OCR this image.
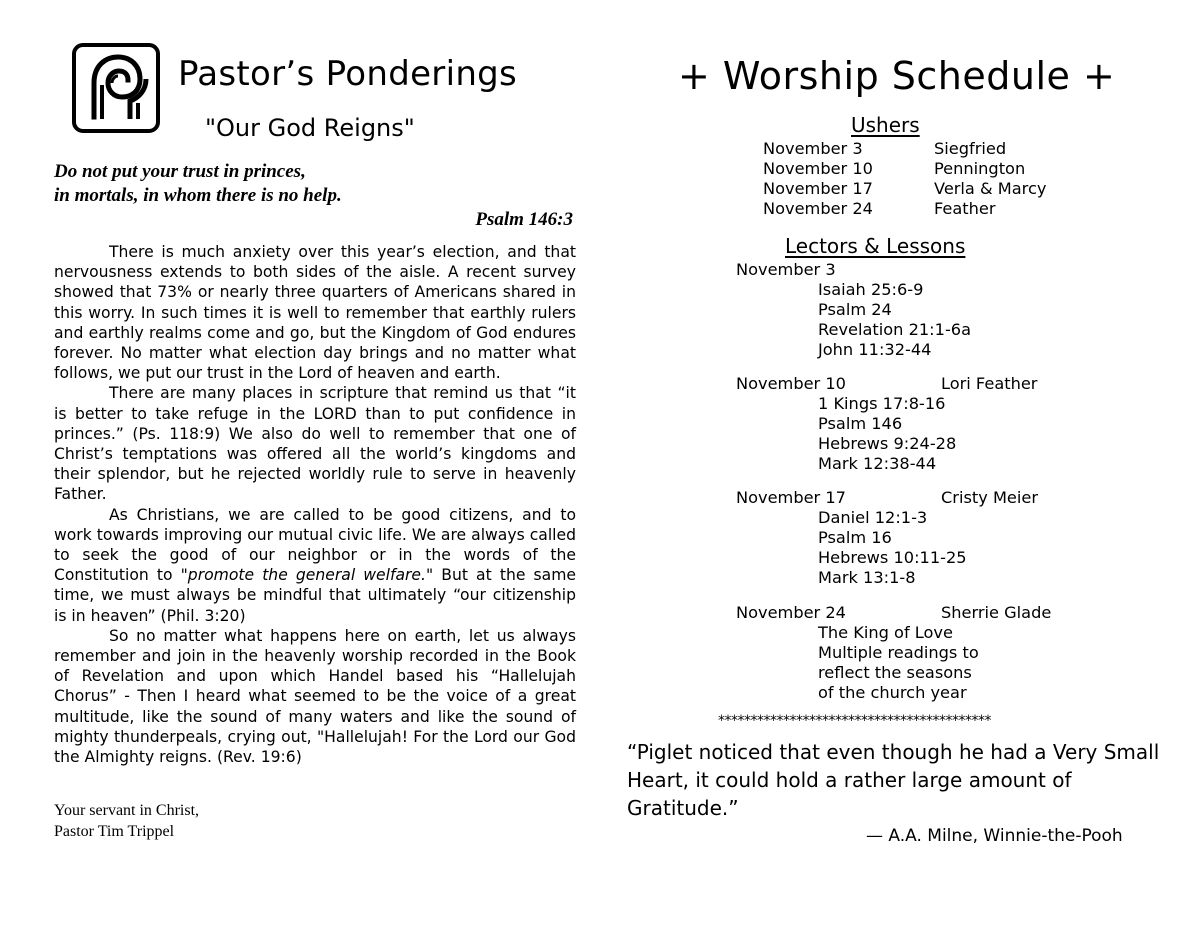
Pastor’s Ponderings
"Our God Reigns"
Do not put your trust in princes,
in mortals, in whom there is no help.
Psalm 146:3

There is much anxiety over this year’s election, and that nervousness extends to both sides of the aisle. A recent survey showed that 73% or nearly three quarters of Americans shared in this worry. In such times it is well to remember that earthly rulers and earthly realms come and go, but the Kingdom of God endures forever. No matter what election day brings and no matter what follows, we put our trust in the Lord of heaven and earth.

There are many places in scripture that remind us that “it is better to take refuge in the LORD than to put confidence in princes.” (Ps. 118:9) We also do well to remember that one of Christ’s temptations was offered all the world’s kingdoms and their splendor, but he rejected worldly rule to serve in heavenly Father.

As Christians, we are called to be good citizens, and to work towards improving our mutual civic life. We are always called to seek the good of our neighbor or in the words of the Constitution to "promote the general welfare." But at the same time, we must always be mindful that ultimately “our citizenship is in heaven” (Phil. 3:20)

So no matter what happens here on earth, let us always remember and join in the heavenly worship recorded in the Book of Revelation and upon which Handel based his “Hallelujah Chorus” - Then I heard what seemed to be the voice of a great multitude, like the sound of many waters and like the sound of mighty thunderpeals, crying out, "Hallelujah! For the Lord our God the Almighty reigns. (Rev. 19:6)

Your servant in Christ,
Pastor Tim Trippel
+ Worship Schedule +
Ushers
November 3	Siegfried
November 10	Pennington
November 17	Verla & Marcy
November 24	Feather
Lectors & Lessons
November 3
Isaiah 25:6-9
Psalm 24
Revelation 21:1-6a
John 11:32-44
November 10	Lori Feather
1 Kings 17:8-16
Psalm 146
Hebrews 9:24-28
Mark 12:38-44
November 17	Cristy Meier
Daniel 12:1-3
Psalm 16
Hebrews 10:11-25
Mark 13:1-8
November 24	Sherrie Glade
The King of Love
Multiple readings to
reflect the seasons
of the church year
******************************************
“Piglet noticed that even though he had a Very Small Heart, it could hold a rather large amount of Gratitude.”
— A.A. Milne, Winnie-the-Pooh
